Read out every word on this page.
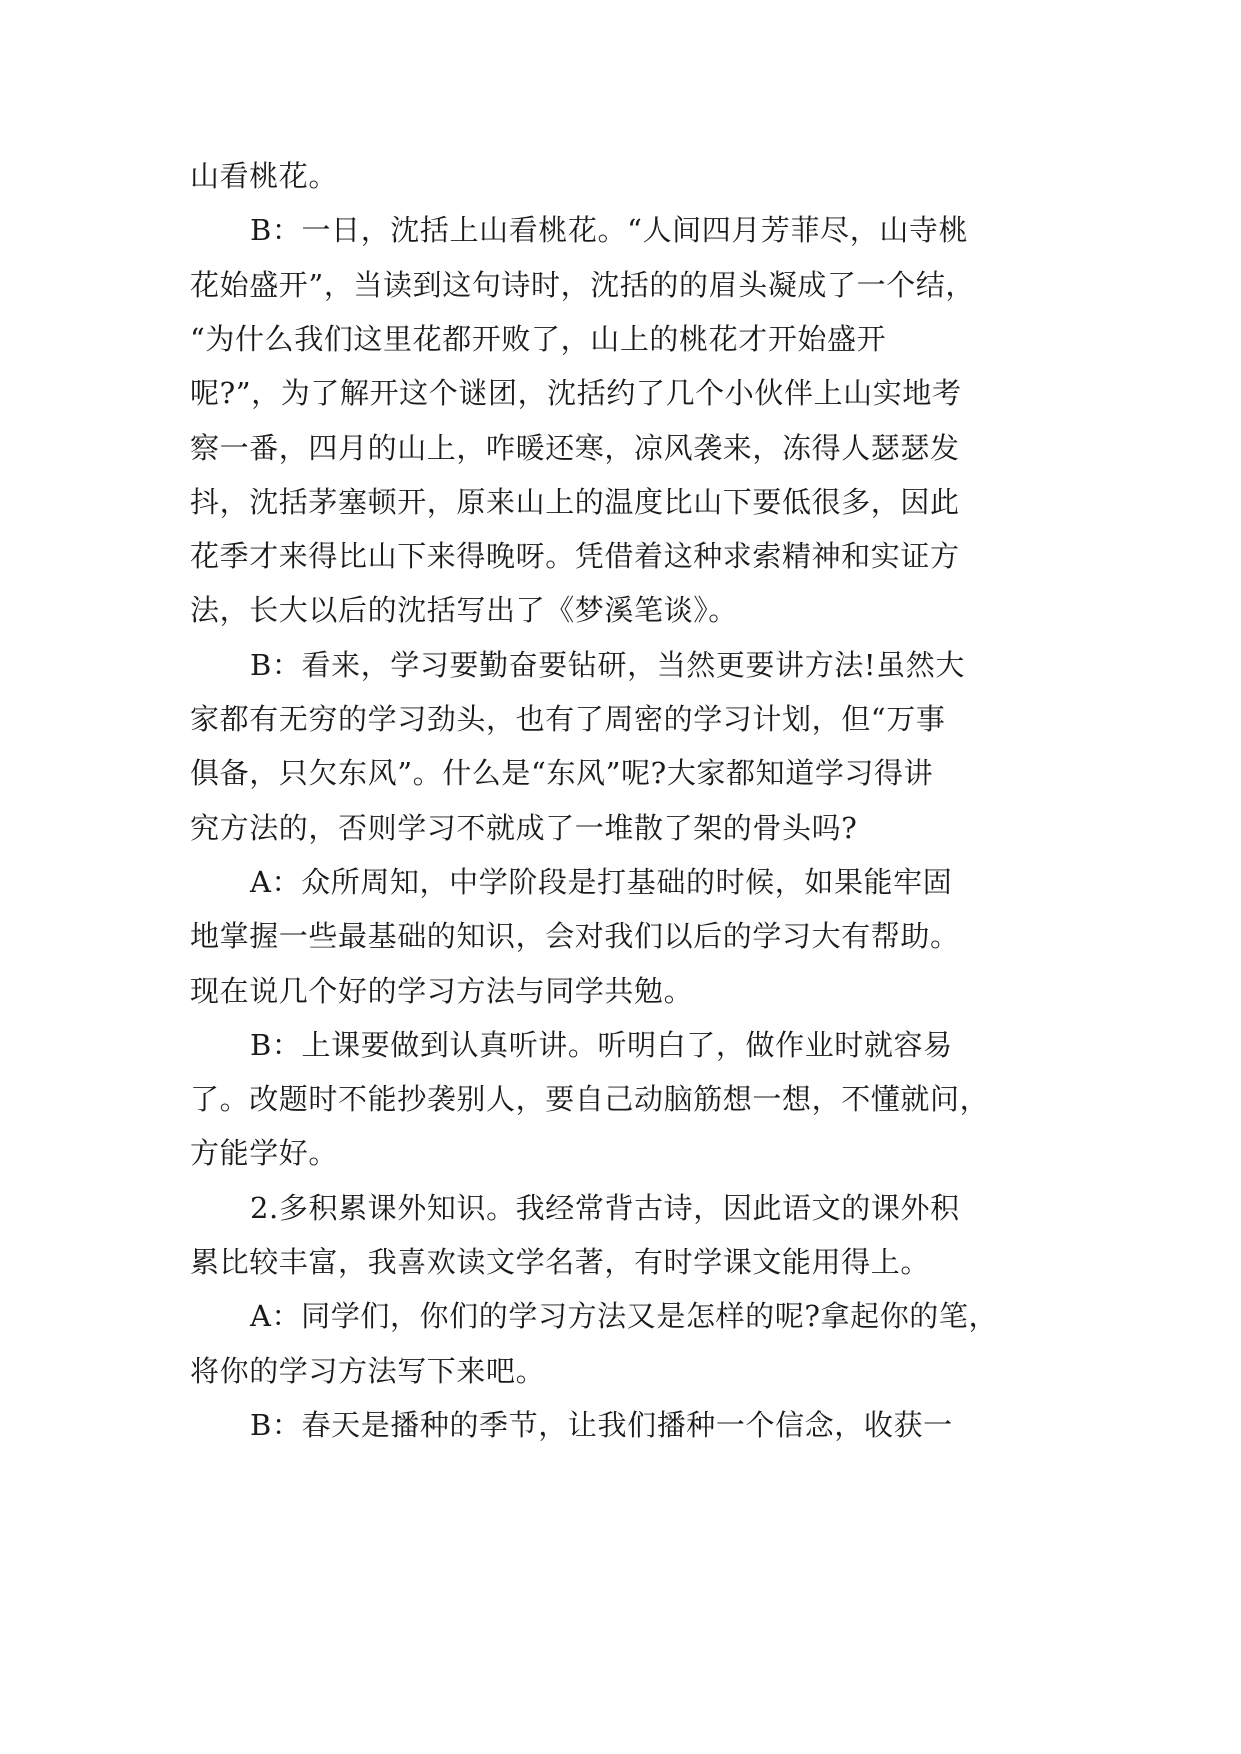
山看桃花。
B：一日，沈括上山看桃花。“人间四月芳菲尽，山寺桃
花始盛开”，当读到这句诗时，沈括的的眉头凝成了一个结，
“为什么我们这里花都开败了，山上的桃花才开始盛开
呢?”，为了解开这个谜团，沈括约了几个小伙伴上山实地考
察一番，四月的山上，咋暖还寒，凉风袭来，冻得人瑟瑟发
抖，沈括茅塞顿开，原来山上的温度比山下要低很多，因此
花季才来得比山下来得晚呀。凭借着这种求索精神和实证方
法，长大以后的沈括写出了《梦溪笔谈》。
B：看来，学习要勤奋要钻研，当然更要讲方法!虽然大
家都有无穷的学习劲头，也有了周密的学习计划，但“万事
俱备，只欠东风”。什么是“东风”呢?大家都知道学习得讲
究方法的，否则学习不就成了一堆散了架的骨头吗?
A：众所周知，中学阶段是打基础的时候，如果能牢固
地掌握一些最基础的知识，会对我们以后的学习大有帮助。
现在说几个好的学习方法与同学共勉。
B：上课要做到认真听讲。听明白了，做作业时就容易
了。改题时不能抄袭别人，要自己动脑筋想一想，不懂就问，
方能学好。
2.多积累课外知识。我经常背古诗，因此语文的课外积
累比较丰富，我喜欢读文学名著，有时学课文能用得上。
A：同学们，你们的学习方法又是怎样的呢?拿起你的笔，
将你的学习方法写下来吧。
B：春天是播种的季节，让我们播种一个信念，收获一
